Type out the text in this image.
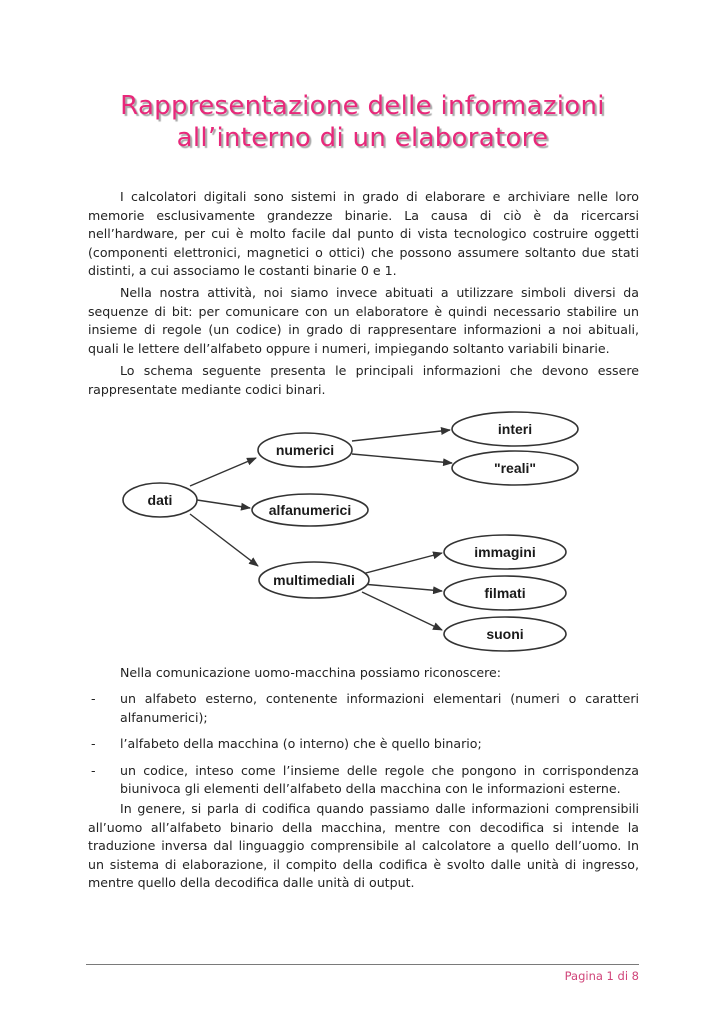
Rappresentazione delle informazioni
all’interno di un elaboratore

I calcolatori digitali sono sistemi in grado di elaborare e archiviare nelle loro memorie esclusivamente grandezze binarie. La causa di ciò è da ricercarsi nell’hardware, per cui è molto facile dal punto di vista tecnologico costruire oggetti (componenti elettronici, magnetici o ottici) che possono assumere soltanto due stati distinti, a cui associamo le costanti binarie 0 e 1.

Nella nostra attività, noi siamo invece abituati a utilizzare simboli diversi da sequenze di bit: per comunicare con un elaboratore è quindi necessario stabilire un insieme di regole (un codice) in grado di rappresentare informazioni a noi abituali, quali le lettere dell’alfabeto oppure i numeri, impiegando soltanto variabili binarie.

Lo schema seguente presenta le principali informazioni che devono essere rappresentate mediante codici binari.

dati
numerici
alfanumerici
multimediali
interi
"reali"
immagini
filmati
suoni

Nella comunicazione uomo-macchina possiamo riconoscere:

- un alfabeto esterno, contenente informazioni elementari (numeri o caratteri alfanumerici);
- l’alfabeto della macchina (o interno) che è quello binario;
- un codice, inteso come l’insieme delle regole che pongono in corrispondenza biunivoca gli elementi dell’alfabeto della macchina con le informazioni esterne.

In genere, si parla di codifica quando passiamo dalle informazioni comprensibili all’uomo all’alfabeto binario della macchina, mentre con decodifica si intende la traduzione inversa dal linguaggio comprensibile al calcolatore a quello dell’uomo. In un sistema di elaborazione, il compito della codifica è svolto dalle unità di ingresso, mentre quello della decodifica dalle unità di output.

Pagina 1 di 8
